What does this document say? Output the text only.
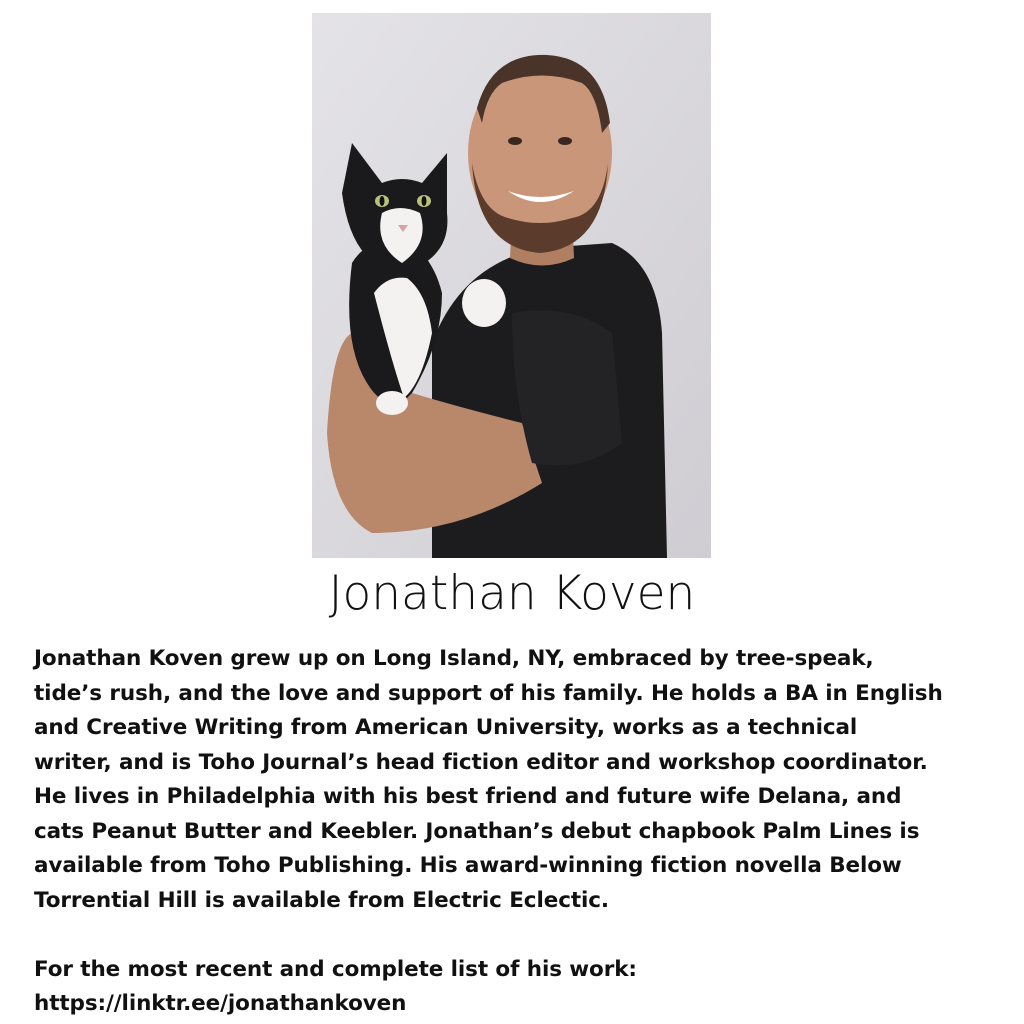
Jonathan Koven
Jonathan Koven grew up on Long Island, NY, embraced by tree-speak,
tide’s rush, and the love and support of his family. He holds a BA in English
and Creative Writing from American University, works as a technical
writer, and is Toho Journal’s head fiction editor and workshop coordinator.
He lives in Philadelphia with his best friend and future wife Delana, and
cats Peanut Butter and Keebler. Jonathan’s debut chapbook Palm Lines is
available from Toho Publishing. His award-winning fiction novella Below
Torrential Hill is available from Electric Eclectic.
For the most recent and complete list of his work:
https://linktr.ee/jonathankoven
